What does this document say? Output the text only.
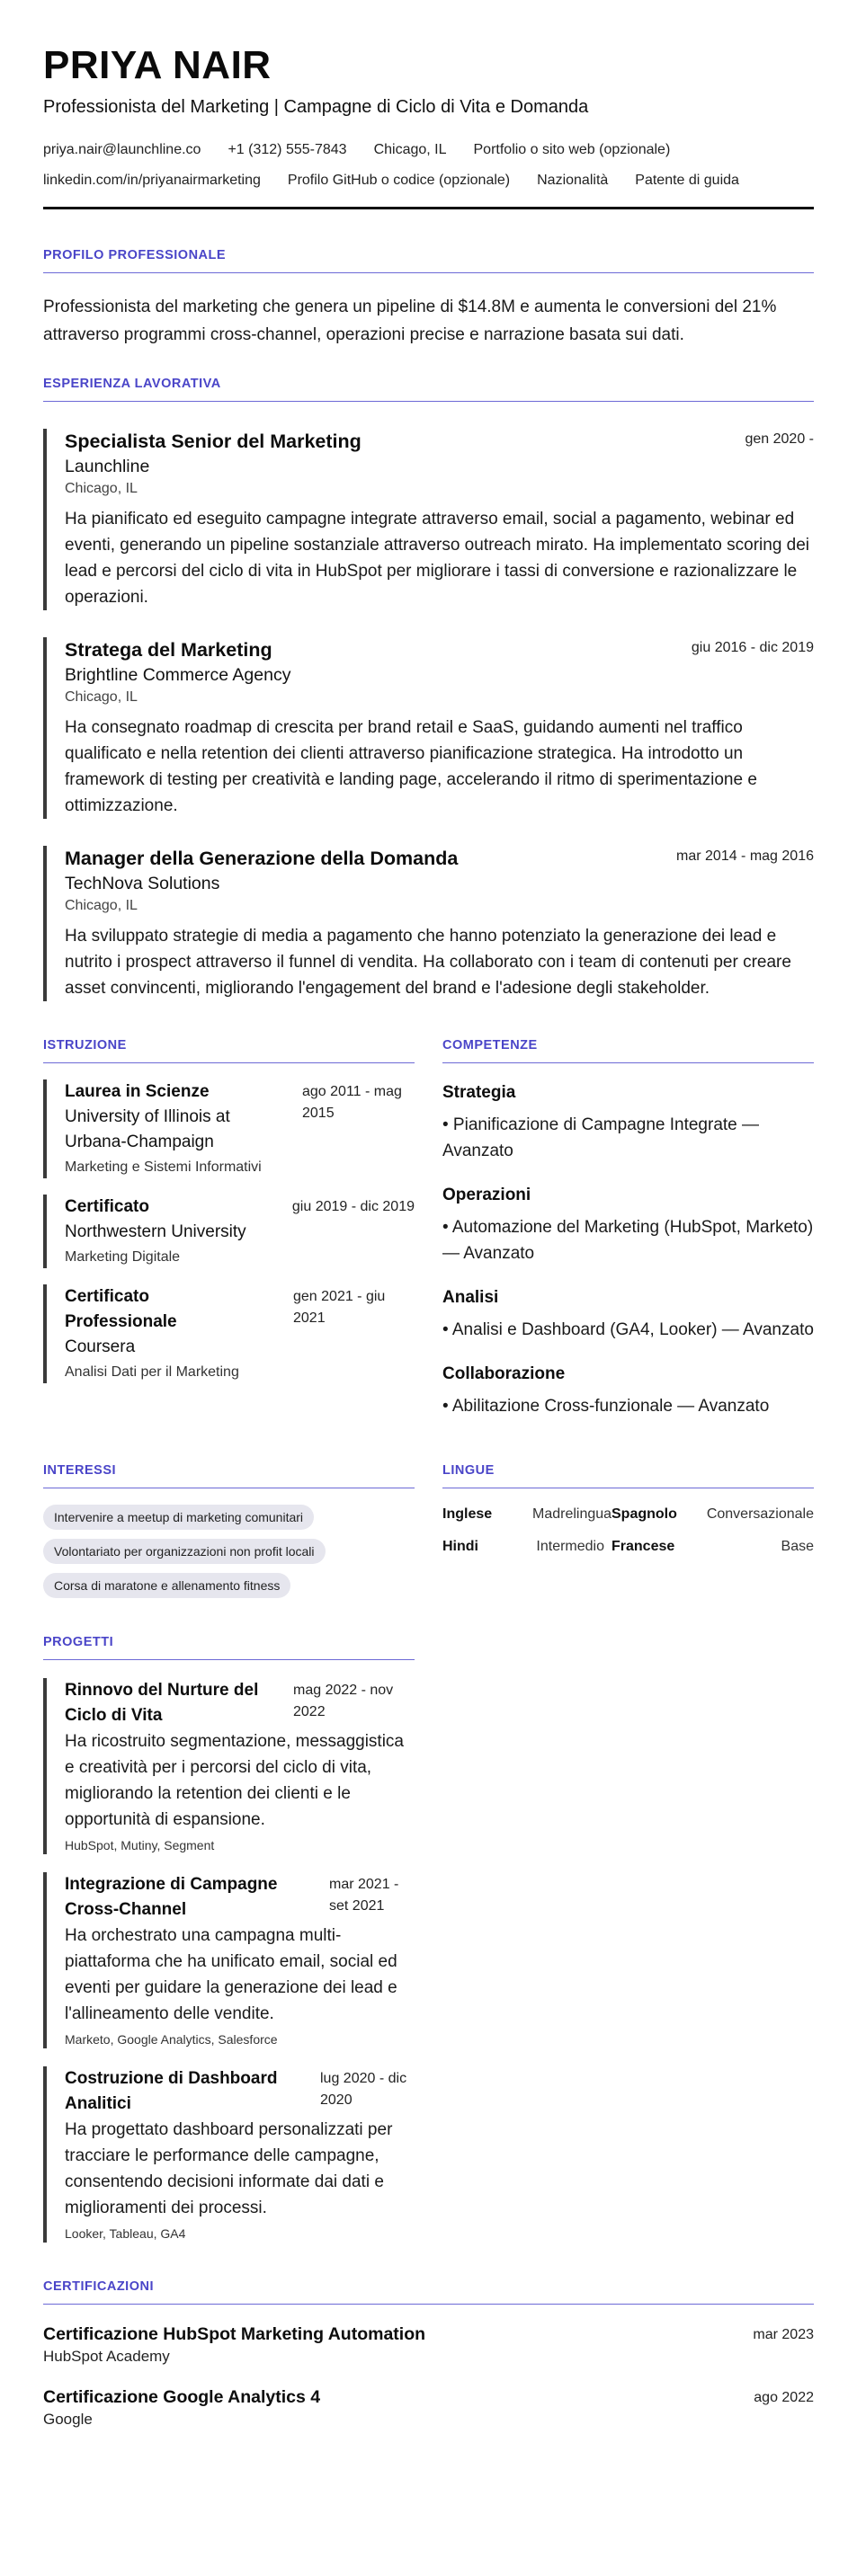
PRIYA NAIR
Professionista del Marketing | Campagne di Ciclo di Vita e Domanda
priya.nair@launchline.co +1 (312) 555-7843 Chicago, IL Portfolio o sito web (opzionale)
linkedin.com/in/priyanairmarketing Profilo GitHub o codice (opzionale) Nazionalità Patente di guida
PROFILO PROFESSIONALE
Professionista del marketing che genera un pipeline di $14.8M e aumenta le conversioni del 21% attraverso programmi cross-channel, operazioni precise e narrazione basata sui dati.
ESPERIENZA LAVORATIVA
Specialista Senior del Marketing	gen 2020 -
Launchline
Chicago, IL
Ha pianificato ed eseguito campagne integrate attraverso email, social a pagamento, webinar ed eventi, generando un pipeline sostanziale attraverso outreach mirato. Ha implementato scoring dei lead e percorsi del ciclo di vita in HubSpot per migliorare i tassi di conversione e razionalizzare le operazioni.
Stratega del Marketing	giu 2016 - dic 2019
Brightline Commerce Agency
Chicago, IL
Ha consegnato roadmap di crescita per brand retail e SaaS, guidando aumenti nel traffico qualificato e nella retention dei clienti attraverso pianificazione strategica. Ha introdotto un framework di testing per creatività e landing page, accelerando il ritmo di sperimentazione e ottimizzazione.
Manager della Generazione della Domanda	mar 2014 - mag 2016
TechNova Solutions
Chicago, IL
Ha sviluppato strategie di media a pagamento che hanno potenziato la generazione dei lead e nutrito i prospect attraverso il funnel di vendita. Ha collaborato con i team di contenuti per creare asset convincenti, migliorando l'engagement del brand e l'adesione degli stakeholder.
ISTRUZIONE
Laurea in Scienze	ago 2011 - mag 2015
University of Illinois at Urbana-Champaign
Marketing e Sistemi Informativi
Certificato	giu 2019 - dic 2019
Northwestern University
Marketing Digitale
Certificato Professionale
gen 2021 - giu 2021
Coursera
Analisi Dati per il Marketing
COMPETENZE
Strategia
• Pianificazione di Campagne Integrate — Avanzato
Operazioni
• Automazione del Marketing (HubSpot, Marketo) — Avanzato
Analisi
• Analisi e Dashboard (GA4, Looker) — Avanzato
Collaborazione
• Abilitazione Cross-funzionale — Avanzato
INTERESSI
Intervenire a meetup di marketing comunitari
Volontariato per organizzazioni non profit locali
Corsa di maratone e allenamento fitness
LINGUE
Inglese	Madrelingua Spagnolo	Conversazionale
Hindi	Intermedio Francese	Base
PROGETTI
Rinnovo del Nurture del Ciclo di Vita
mag 2022 - nov 2022
Ha ricostruito segmentazione, messaggistica e creatività per i percorsi del ciclo di vita, migliorando la retention dei clienti e le opportunità di espansione.
HubSpot, Mutiny, Segment
Integrazione di Campagne Cross-Channel
mar 2021 - set 2021
Ha orchestrato una campagna multi-piattaforma che ha unificato email, social ed eventi per guidare la generazione dei lead e l'allineamento delle vendite.
Marketo, Google Analytics, Salesforce
Costruzione di Dashboard Analitici
lug 2020 - dic 2020
Ha progettato dashboard personalizzati per tracciare le performance delle campagne, consentendo decisioni informate dai dati e miglioramenti dei processi.
Looker, Tableau, GA4
CERTIFICAZIONI
Certificazione HubSpot Marketing Automation	mar 2023
HubSpot Academy
Certificazione Google Analytics 4	ago 2022
Google
